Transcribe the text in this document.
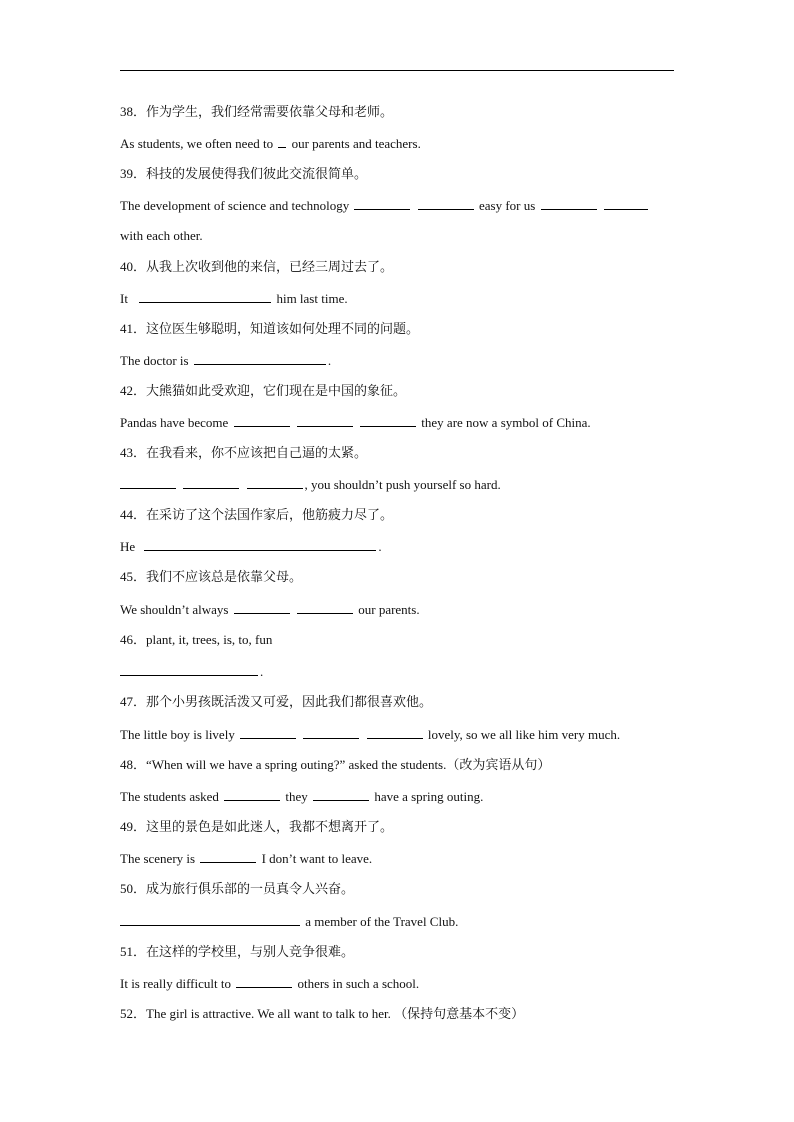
38．作为学生，我们经常需要依靠父母和老师。
As students, we often need to  our parents and teachers.
39．科技的发展使得我们彼此交流很简单。
The development of science and technology	easy for us
with each other.
It	him last time.
40．从我上次收到他的来信，已经三周过去了。
41．这位医生够聪明，知道该如何处理不同的问题。
The doctor is	.
42．大熊猫如此受欢迎，它们现在是中国的象征。
Pandas have become	they are now a symbol of China.
43．在我看来，你不应该把自己逼的太紧。
, you shouldn’t push yourself so hard.
44．在采访了这个法国作家后，他筋疲力尽了。
He	.
45．我们不应该总是依靠父母。
We shouldn’t always	our parents.
46．plant, it, trees, is, to, fun
.
47．那个小男孩既活泼又可爱，因此我们都很喜欢他。
The little boy is lively	lovely, so we all like him very much.
48．“When will we have a spring outing?” asked the students.（改为宾语从句）
The students asked	they	have a spring outing.
49．这里的景色是如此迷人，我都不想离开了。
The scenery is	I don’t want to leave.
50．成为旅行俱乐部的一员真令人兴奋。
a member of the Travel Club.
51．在这样的学校里，与别人竞争很难。
It is really difficult to	others in such a school.
52．The girl is attractive. We all want to talk to her. （保持句意基本不变）
